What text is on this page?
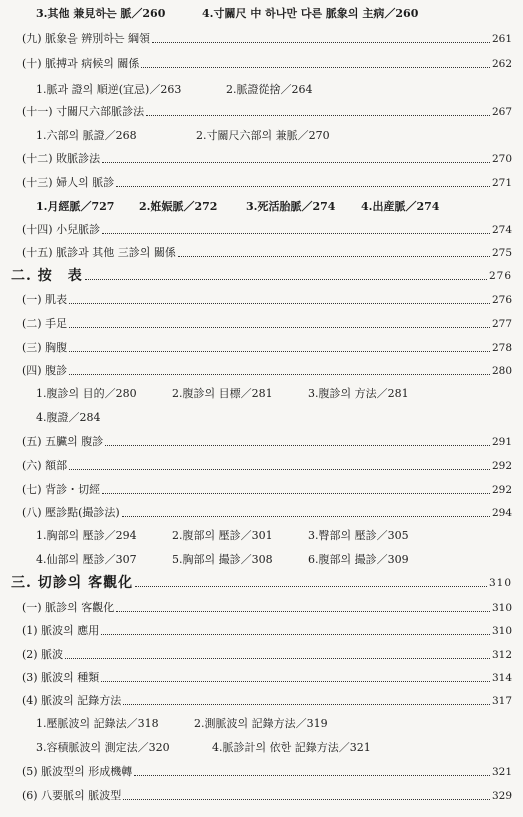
3.其他 兼見하는 脈／260	4.寸關尺 中 하나만 다른 脈象의 主病／260
(九) 脈象을 辨別하는 綱領	261
(十) 脈搏과 病候의 關係	262
1.脈과 證의 順逆(宜忌)／263	2.脈證從捨／264
(十一) 寸關尺六部脈診法	267
1.六部의 脈證／268	2.寸關尺六部의 兼脈／270
(十二) 敗脈診法	270
(十三) 婦人의 脈診	271
1.月經脈／727 2.姙娠脈／272	3.死活胎脈／274 4.出産脈／274
(十四) 小兒脈診	274
(十五) 脈診과 其他 三診의 關係	275
二. 按　表	276
(一) 肌表	276
(二) 手足	277
(三) 胸腹	278
(四) 腹診	280
1.腹診의 目的／280	2.腹診의 目標／281	3.腹診의 方法／281
4.腹證／284
(五) 五臟의 腹診	291
(六) 額部	292
(七) 背診・切經	292
(八) 壓診點(撮診法)	294
1.胸部의 壓診／294	2.腹部의 壓診／301	3.臀部의 壓診／305
4.仙部의 壓診／307	5.胸部의 撮診／308	6.腹部의 撮診／309
三. 切診의 客觀化	310
(一) 脈診의 客觀化	310
(1) 脈波의 應用	310
(2) 脈波	312
(3) 脈波의 種類	314
(4) 脈波의 記錄方法	317
1.壓脈波의 記錄法／318	2.測脈波의 記錄方法／319
3.容積脈波의 測定法／320	4.脈診計의 依한 記錄方法／321
(5) 脈波型의 形成機轉	321
(6) 八要脈의 脈波型	329
